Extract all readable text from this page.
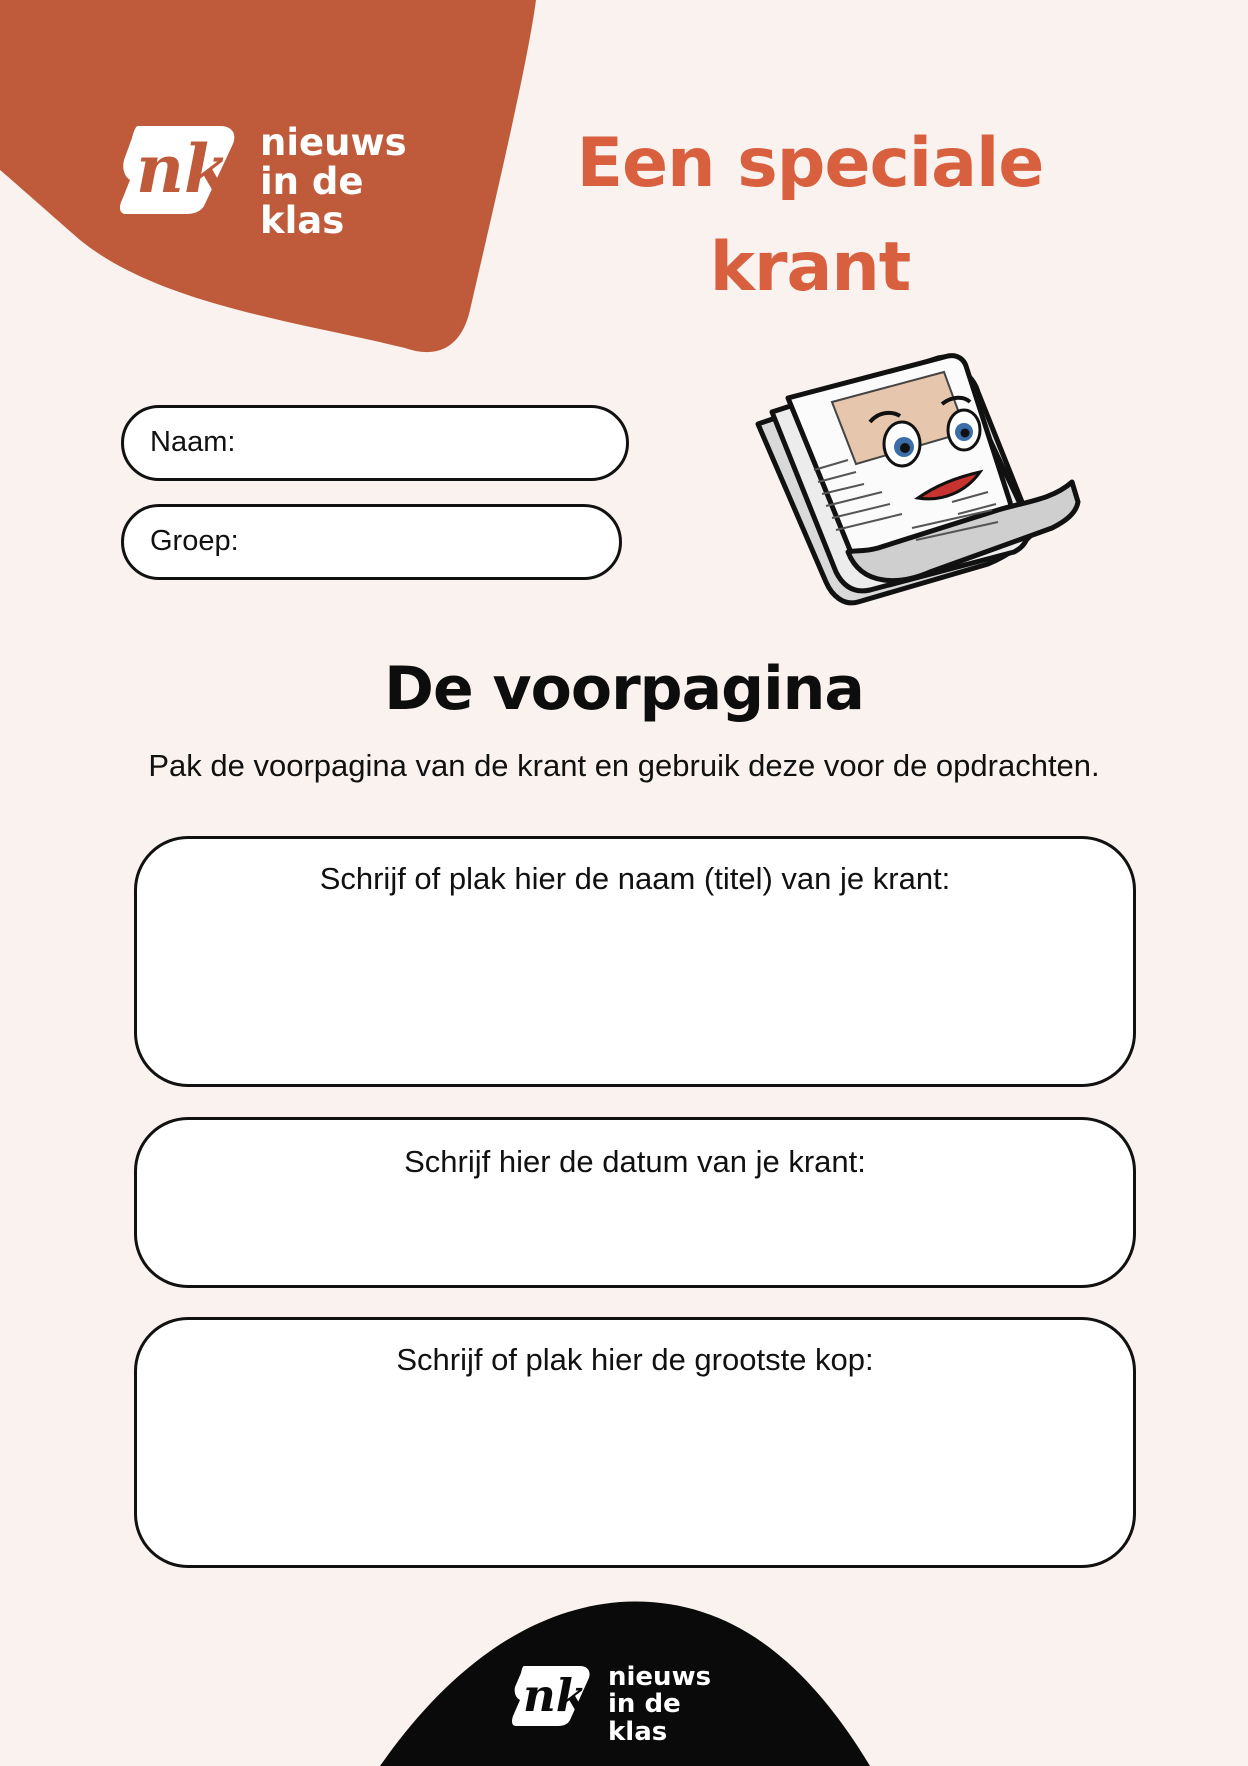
nk nieuws
in de klas
Een speciale
krant
Naam:
Groep:
De voorpagina
Pak de voorpagina van de krant en gebruik deze voor de opdrachten.
Schrijf of plak hier de naam (titel) van je krant:
Schrijf hier de datum van je krant:
Schrijf of plak hier de grootste kop:
nk nieuws
in de klas
